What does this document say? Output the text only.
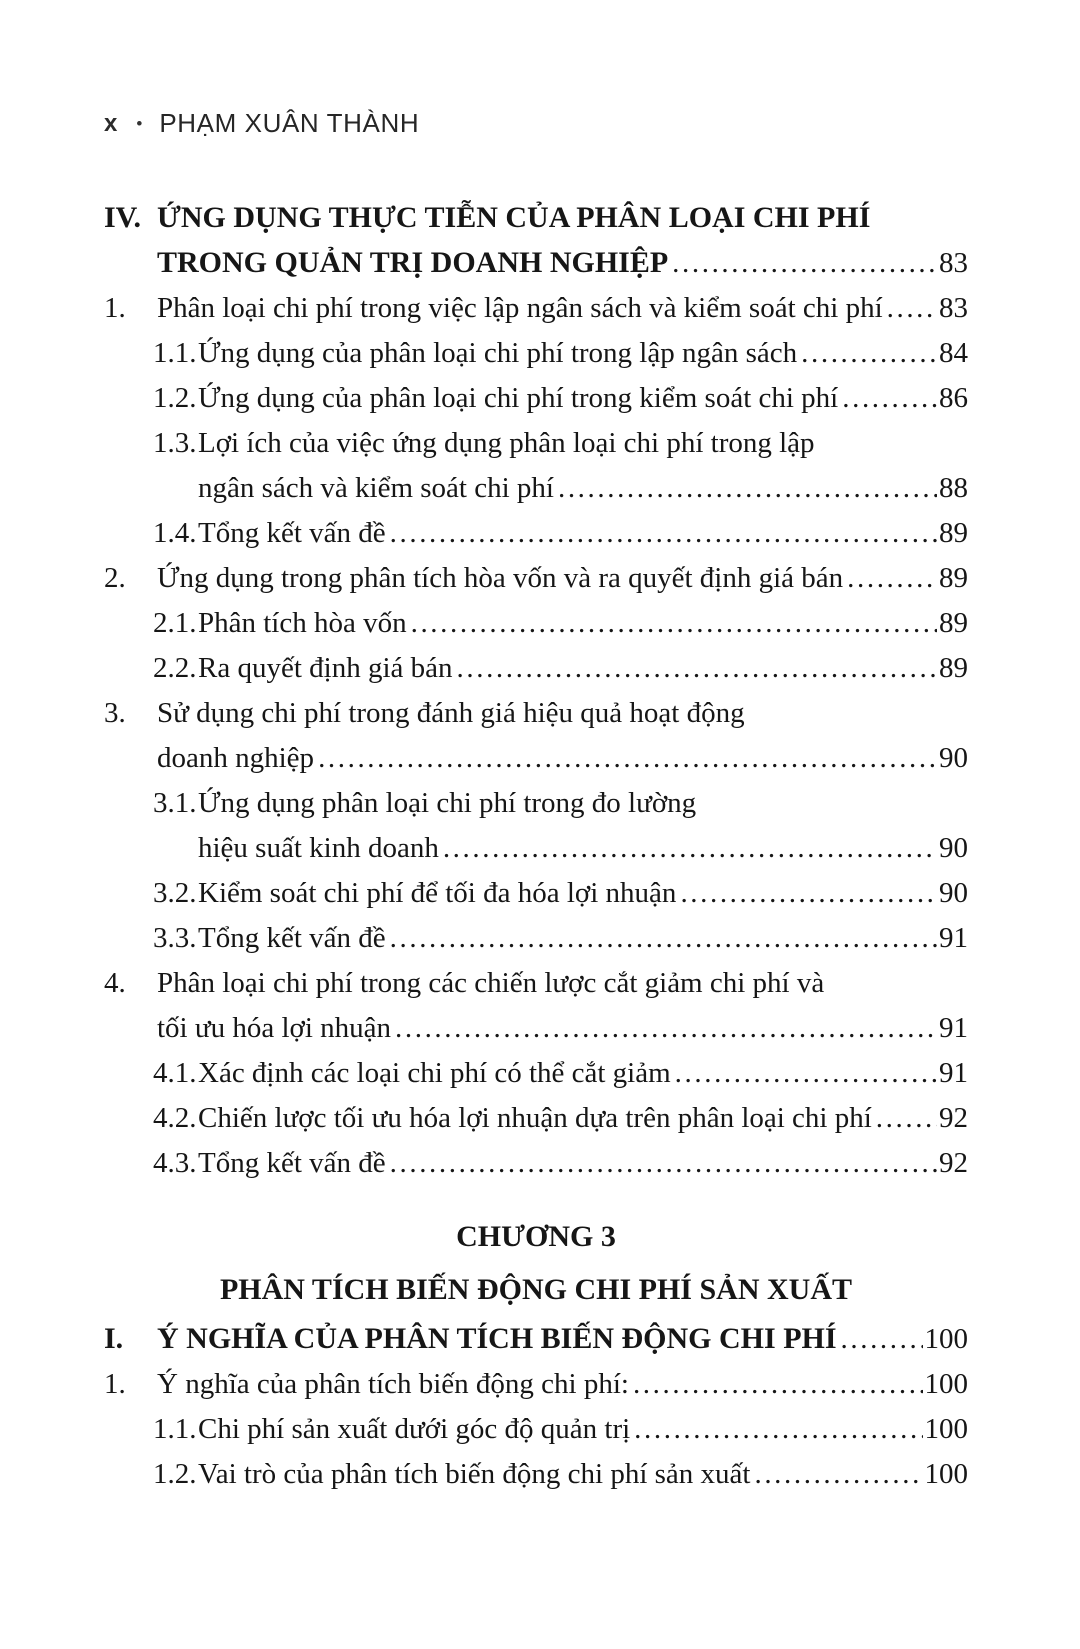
x • PHẠM XUÂN THÀNH
IV. ỨNG DỤNG THỰC TIỄN CỦA PHÂN LOẠI CHI PHÍ
TRONG QUẢN TRỊ DOANH NGHIỆP .....	83
1.	Phân loại chi phí trong việc lập ngân sách và kiểm soát chi phí ..... 83
1.1. Ứng dụng của phân loại chi phí trong lập ngân sách .....	84
1.2. Ứng dụng của phân loại chi phí trong kiểm soát chi phí .....	86
1.3. Lợi ích của việc ứng dụng phân loại chi phí trong lập
ngân sách và kiểm soát chi phí .....	88
1.4. Tổng kết vấn đề .....	89
2.	Ứng dụng trong phân tích hòa vốn và ra quyết định giá bán .....	89
2.1. Phân tích hòa vốn .....	89
2.2. Ra quyết định giá bán .....	89
3.	Sử dụng chi phí trong đánh giá hiệu quả hoạt động
doanh nghiệp .....	90
3.1. Ứng dụng phân loại chi phí trong đo lường
hiệu suất kinh doanh .....	90
3.2. Kiểm soát chi phí để tối đa hóa lợi nhuận .....	90
3.3. Tổng kết vấn đề .....	91
4.	Phân loại chi phí trong các chiến lược cắt giảm chi phí và
tối ưu hóa lợi nhuận .....	91
4.1. Xác định các loại chi phí có thể cắt giảm .....	91
4.2. Chiến lược tối ưu hóa lợi nhuận dựa trên phân loại chi phí ..... 92
4.3. Tổng kết vấn đề .....	92
CHƯƠNG 3
PHÂN TÍCH BIẾN ĐỘNG CHI PHÍ SẢN XUẤT
I.	Ý NGHĨA CỦA PHÂN TÍCH BIẾN ĐỘNG CHI PHÍ .....	100
1.	Ý nghĩa của phân tích biến động chi phí: .....	100
1.1. Chi phí sản xuất dưới góc độ quản trị .....	100
1.2. Vai trò của phân tích biến động chi phí sản xuất .....	100
